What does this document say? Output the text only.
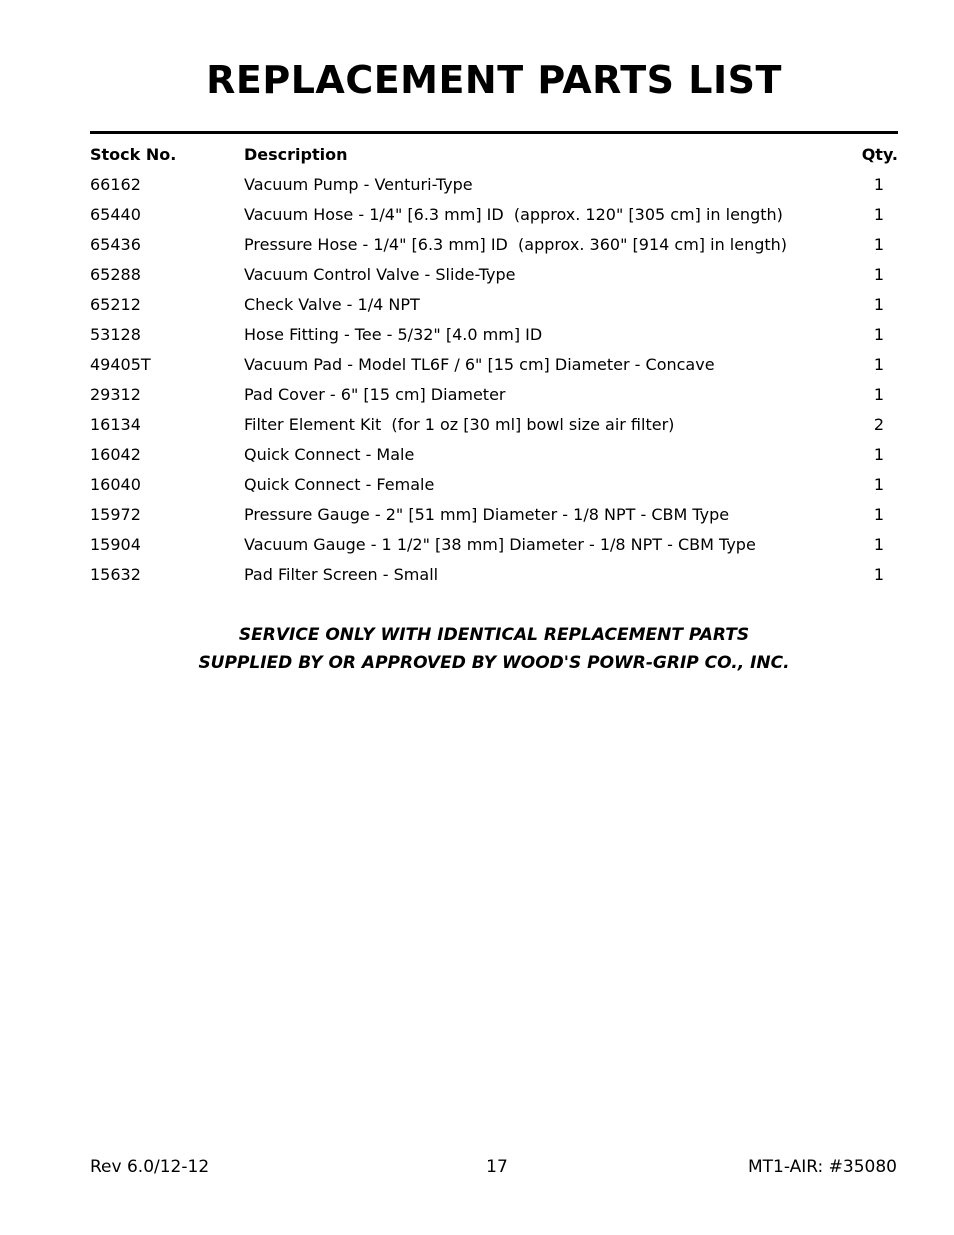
REPLACEMENT PARTS LIST
Stock No.	Description	Qty.
66162	Vacuum Pump - Venturi-Type	1
65440	Vacuum Hose - 1/4" [6.3 mm] ID  (approx. 120" [305 cm] in length)	1
65436	Pressure Hose - 1/4" [6.3 mm] ID  (approx. 360" [914 cm] in length)	1
65288	Vacuum Control Valve - Slide-Type	1
65212	Check Valve - 1/4 NPT	1
53128	Hose Fitting - Tee - 5/32" [4.0 mm] ID	1
49405T	Vacuum Pad - Model TL6F / 6" [15 cm] Diameter - Concave	1
29312	Pad Cover - 6" [15 cm] Diameter	1
16134	Filter Element Kit  (for 1 oz [30 ml] bowl size air filter)	2
16042	Quick Connect - Male	1
16040	Quick Connect - Female	1
15972	Pressure Gauge - 2" [51 mm] Diameter - 1/8 NPT - CBM Type	1
15904	Vacuum Gauge - 1 1/2" [38 mm] Diameter - 1/8 NPT - CBM Type	1
15632	Pad Filter Screen - Small	1
SERVICE ONLY WITH IDENTICAL REPLACEMENT PARTS
SUPPLIED BY OR APPROVED BY WOOD'S POWR-GRIP CO., INC.
Rev 6.0/12-12	17	MT1-AIR: #35080
